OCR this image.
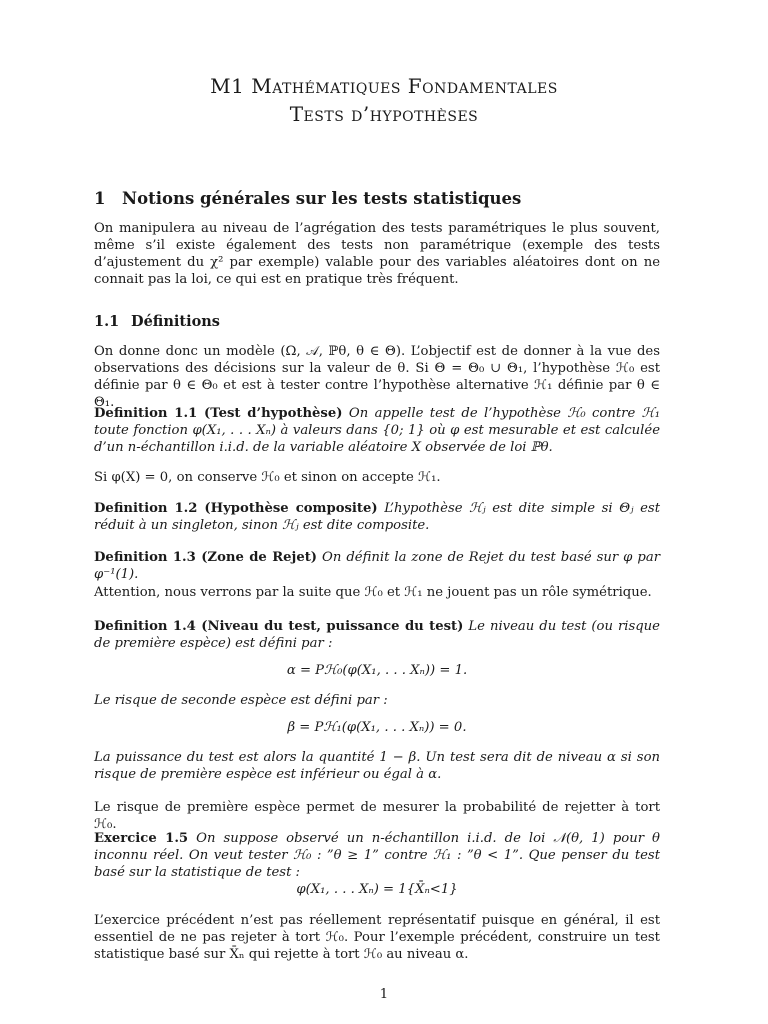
M1 Mathématiques Fondamentales
Tests d’hypothèses
1 Notions générales sur les tests statistiques
On manipulera au niveau de l’agrégation des tests paramétriques le plus souvent, même s’il existe également des tests non paramétrique (exemple des tests d’ajustement du χ² par exemple) valable pour des variables aléatoires dont on ne connait pas la loi, ce qui est en pratique très fréquent.
1.1 Définitions
On donne donc un modèle (Ω, 𝒜, ℙθ, θ ∈ Θ). L’objectif est de donner à la vue des observations des décisions sur la valeur de θ. Si Θ = Θ₀ ∪ Θ₁, l’hypothèse ℋ₀ est définie par θ ∈ Θ₀ et est à tester contre l’hypothèse alternative ℋ₁ définie par θ ∈ Θ₁.
Definition 1.1 (Test d’hypothèse) On appelle test de l’hypothèse ℋ₀ contre ℋ₁ toute fonction φ(X₁, . . . Xₙ) à valeurs dans {0; 1} où φ est mesurable et est calculée d’un n-échantillon i.i.d. de la variable aléatoire X observée de loi ℙθ.
Si φ(X) = 0, on conserve ℋ₀ et sinon on accepte ℋ₁.
Definition 1.2 (Hypothèse composite) L’hypothèse ℋⱼ est dite simple si Θⱼ est réduit à un singleton, sinon ℋⱼ est dite composite.
Definition 1.3 (Zone de Rejet) On définit la zone de Rejet du test basé sur φ par φ⁻¹(1).
Attention, nous verrons par la suite que ℋ₀ et ℋ₁ ne jouent pas un rôle symétrique.
Definition 1.4 (Niveau du test, puissance du test) Le niveau du test (ou risque de première espèce) est défini par :
α = Pℋ₀(φ(X₁, . . . Xₙ)) = 1.
Le risque de seconde espèce est défini par :
β = Pℋ₁(φ(X₁, . . . Xₙ)) = 0.
La puissance du test est alors la quantité 1 − β. Un test sera dit de niveau α si son risque de première espèce est inférieur ou égal à α.
Le risque de première espèce permet de mesurer la probabilité de rejetter à tort ℋ₀.
Exercice 1.5 On suppose observé un n-échantillon i.i.d. de loi 𝒩(θ, 1) pour θ inconnu réel. On veut tester ℋ₀ : ”θ ≥ 1” contre ℋ₁ : ”θ < 1”. Que penser du test basé sur la statistique de test :
φ(X₁, . . . Xₙ) = 1{X̄ₙ<1}
L’exercice précédent n’est pas réellement représentatif puisque en général, il est essentiel de ne pas rejeter à tort ℋ₀. Pour l’exemple précédent, construire un test statistique basé sur X̄ₙ qui rejette à tort ℋ₀ au niveau α.
1
